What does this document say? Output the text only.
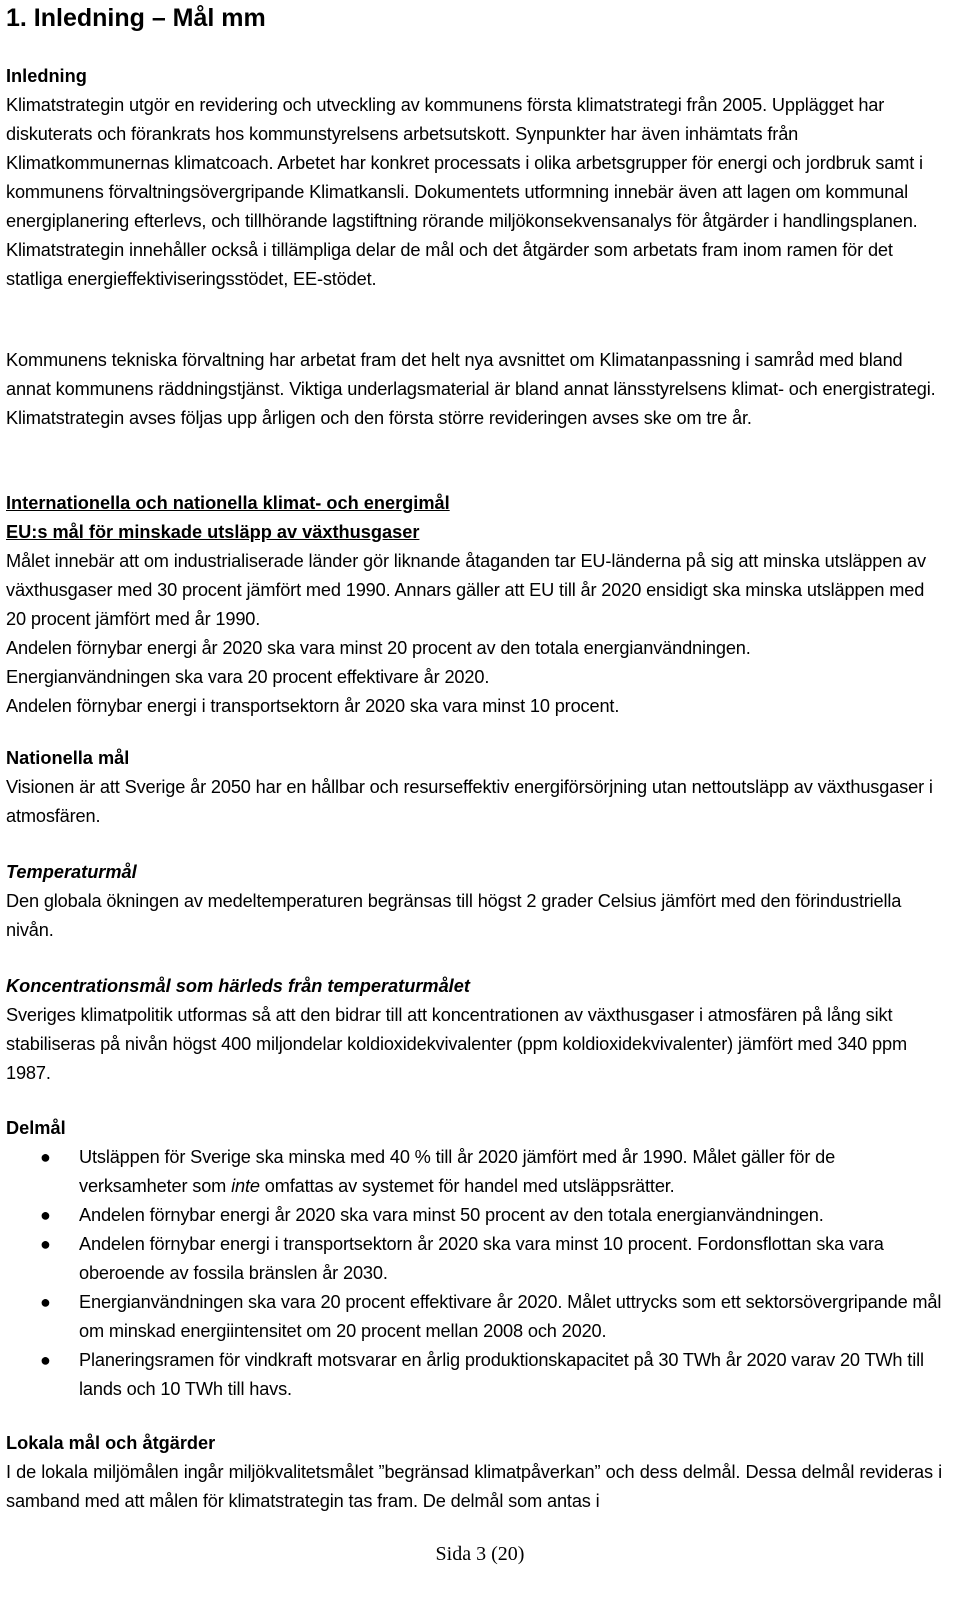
1. Inledning – Mål mm

Inledning

Klimatstrategin utgör en revidering och utveckling av kommunens första klimatstrategi från 2005. Upplägget har diskuterats och förankrats hos kommunstyrelsens arbetsutskott. Synpunkter har även inhämtats från Klimatkommunernas klimatcoach. Arbetet har konkret processats i olika arbetsgrupper för energi och jordbruk samt i kommunens förvaltningsövergripande Klimatkansli. Dokumentets utformning innebär även att lagen om kommunal energiplanering efterlevs, och tillhörande lagstiftning rörande miljökonsekvensanalys för åtgärder i handlingsplanen. Klimatstrategin innehåller också i tillämpliga delar de mål och det åtgärder som arbetats fram inom ramen för det statliga energieffektiviseringsstödet, EE-stödet.

Kommunens tekniska förvaltning har arbetat fram det helt nya avsnittet om Klimatanpassning i samråd med bland annat kommunens räddningstjänst. Viktiga underlagsmaterial är bland annat länsstyrelsens klimat- och energistrategi. Klimatstrategin avses följas upp årligen och den första större revideringen avses ske om tre år.

Internationella och nationella klimat- och energimål

EU:s mål för minskade utsläpp av växthusgaser

Målet innebär att om industrialiserade länder gör liknande åtaganden tar EU-länderna på sig att minska utsläppen av växthusgaser med 30 procent jämfört med 1990. Annars gäller att EU till år 2020 ensidigt ska minska utsläppen med 20 procent jämfört med år 1990.

Andelen förnybar energi år 2020 ska vara minst 20 procent av den totala energianvändningen.

Energianvändningen ska vara 20 procent effektivare år 2020.

Andelen förnybar energi i transportsektorn år 2020 ska vara minst 10 procent.

Nationella mål

Visionen är att Sverige år 2050 har en hållbar och resurseffektiv energiförsörjning utan nettoutsläpp av växthusgaser i atmosfären.

Temperaturmål

Den globala ökningen av medeltemperaturen begränsas till högst 2 grader Celsius jämfört med den förindustriella nivån.

Koncentrationsmål som härleds från temperaturmålet

Sveriges klimatpolitik utformas så att den bidrar till att koncentrationen av växthusgaser i atmosfären på lång sikt stabiliseras på nivån högst 400 miljondelar koldioxidekvivalenter (ppm koldioxidekvivalenter) jämfört med 340 ppm 1987.

Delmål

● Utsläppen för Sverige ska minska med 40 % till år 2020 jämfört med år 1990. Målet gäller för de verksamheter som inte omfattas av systemet för handel med utsläppsrätter.
● Andelen förnybar energi år 2020 ska vara minst 50 procent av den totala energianvändningen.
● Andelen förnybar energi i transportsektorn år 2020 ska vara minst 10 procent. Fordonsflottan ska vara oberoende av fossila bränslen år 2030.
● Energianvändningen ska vara 20 procent effektivare år 2020. Målet uttrycks som ett sektorsövergripande mål om minskad energiintensitet om 20 procent mellan 2008 och 2020.
● Planeringsramen för vindkraft motsvarar en årlig produktionskapacitet på 30 TWh år 2020 varav 20 TWh till lands och 10 TWh till havs.

Lokala mål och åtgärder

I de lokala miljömålen ingår miljökvalitetsmålet ”begränsad klimatpåverkan” och dess delmål. Dessa delmål revideras i samband med att målen för klimatstrategin tas fram. De delmål som antas i

Sida 3 (20)
